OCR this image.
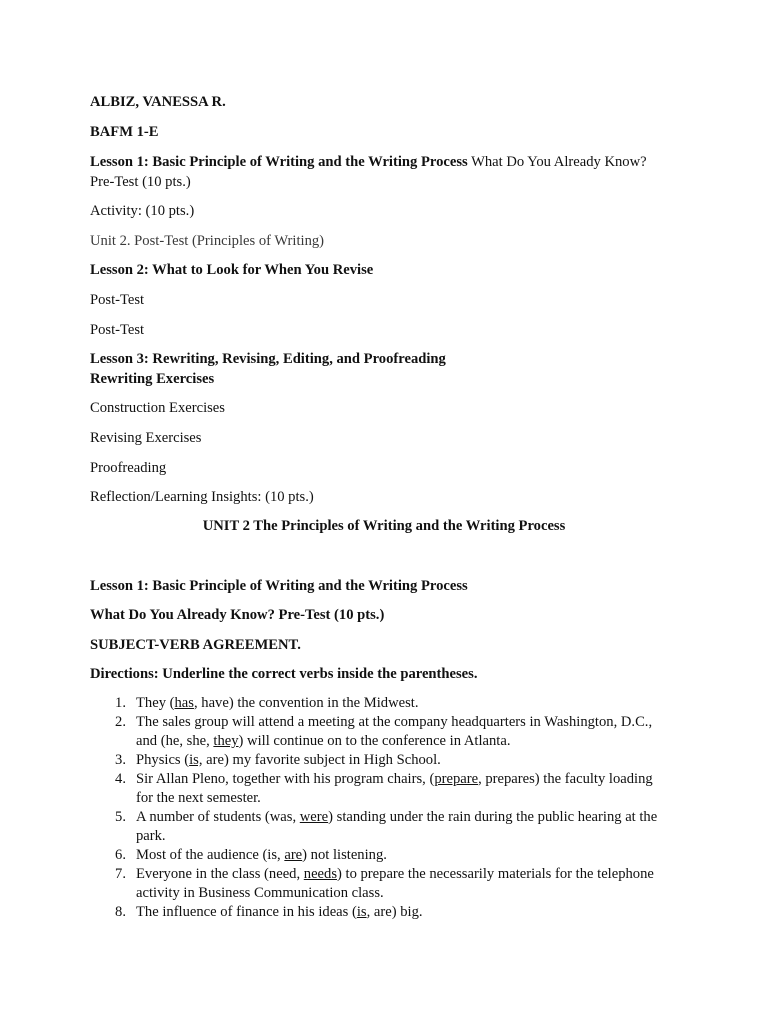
ALBIZ, VANESSA R.
BAFM 1-E
Lesson 1: Basic Principle of Writing and the Writing Process What Do You Already Know?
Pre-Test (10 pts.)
Activity: (10 pts.)
Unit 2. Post-Test (Principles of Writing)
Lesson 2: What to Look for When You Revise
Post-Test
Post-Test
Lesson 3: Rewriting, Revising, Editing, and Proofreading
Rewriting Exercises
Construction Exercises
Revising Exercises
Proofreading
Reflection/Learning Insights: (10 pts.)
UNIT 2 The Principles of Writing and the Writing Process
Lesson 1: Basic Principle of Writing and the Writing Process
What Do You Already Know? Pre-Test (10 pts.)
SUBJECT-VERB AGREEMENT.
Directions: Underline the correct verbs inside the parentheses.
1. They (has, have) the convention in the Midwest.
2. The sales group will attend a meeting at the company headquarters in Washington, D.C.,
and (he, she, they) will continue on to the conference in Atlanta.
3. Physics (is, are) my favorite subject in High School.
4. Sir Allan Pleno, together with his program chairs, (prepare, prepares) the faculty loading
for the next semester.
5. A number of students (was, were) standing under the rain during the public hearing at the
park.
6. Most of the audience (is, are) not listening.
7. Everyone in the class (need, needs) to prepare the necessarily materials for the telephone
activity in Business Communication class.
8. The influence of finance in his ideas (is, are) big.
